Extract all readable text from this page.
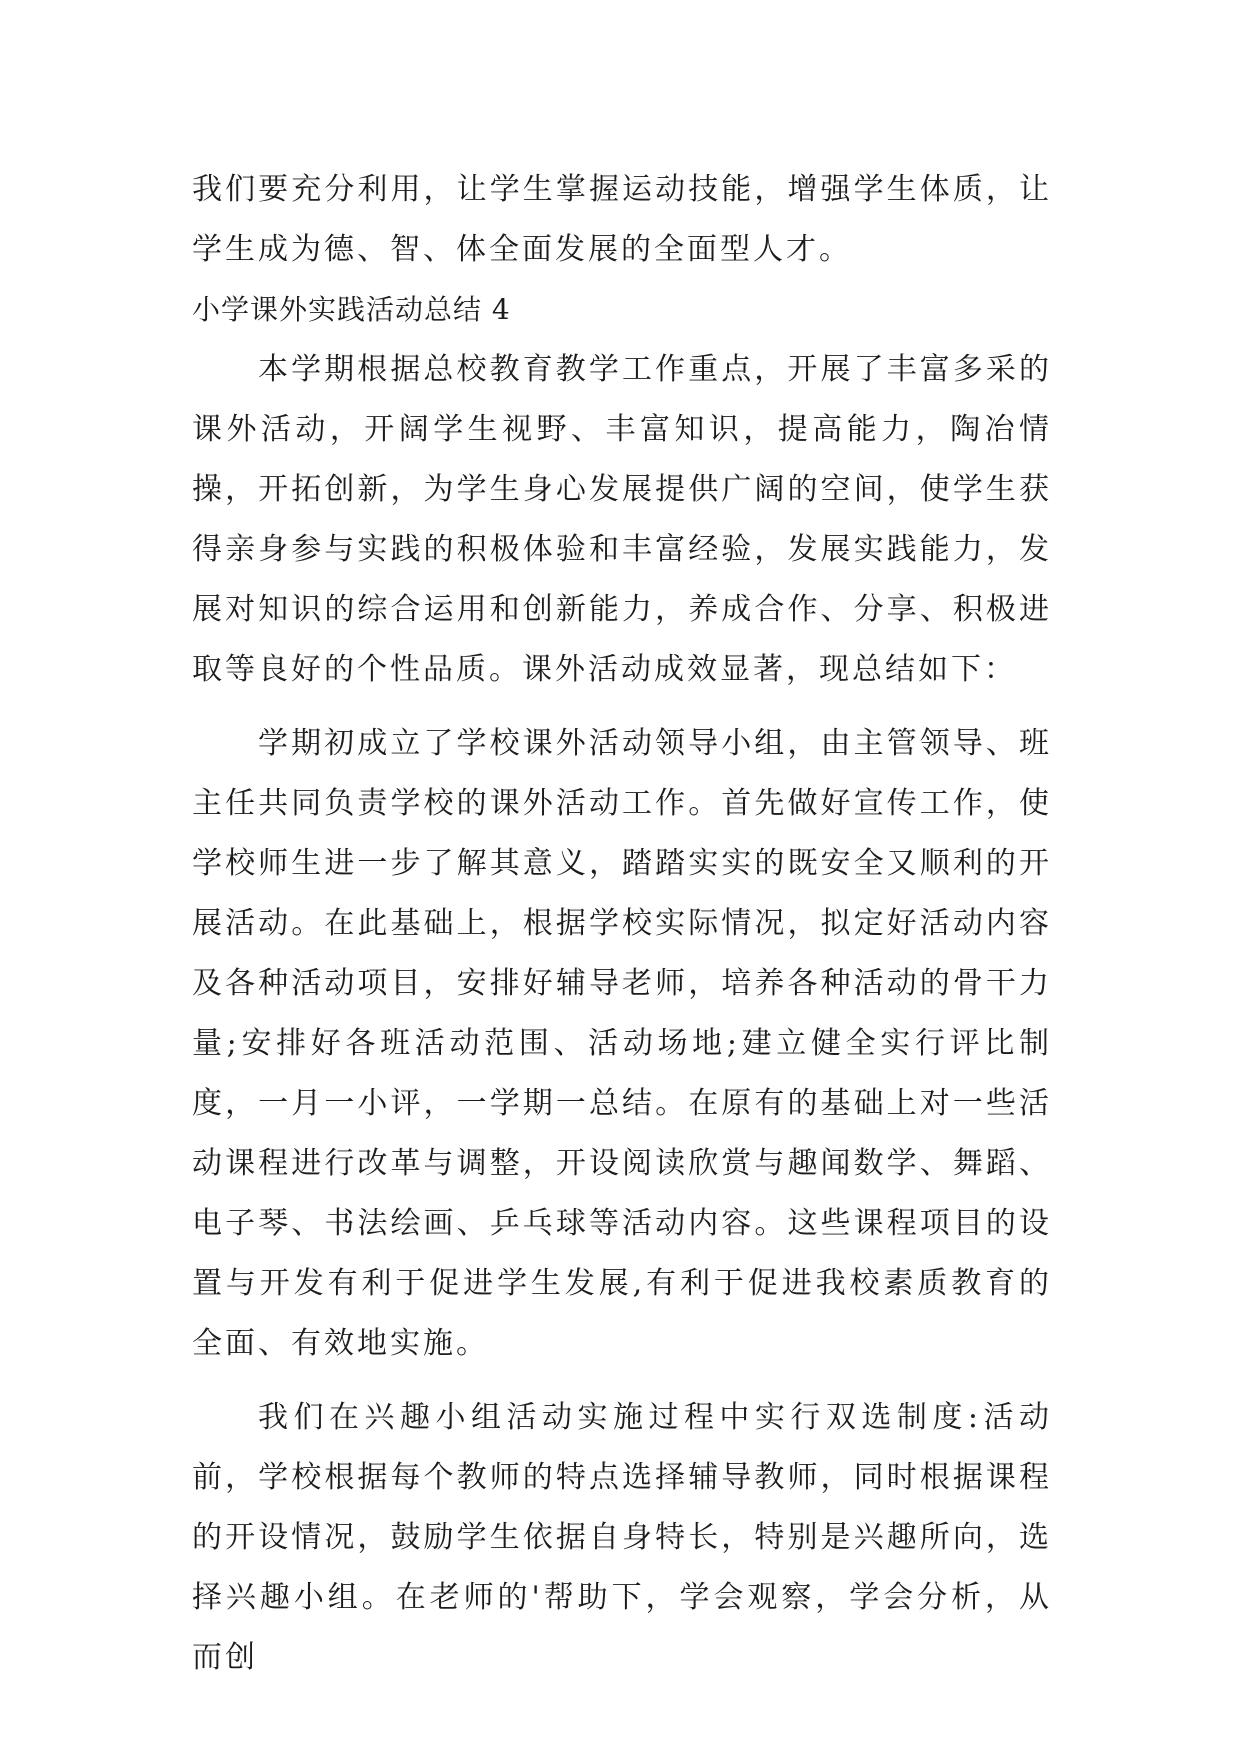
我们要充分利用，让学生掌握运动技能，增强学生体质，让学生成为德、智、体全面发展的全面型人才。

小学课外实践活动总结 4

本学期根据总校教育教学工作重点，开展了丰富多采的课外活动，开阔学生视野、丰富知识，提高能力，陶冶情操，开拓创新，为学生身心发展提供广阔的空间，使学生获得亲身参与实践的积极体验和丰富经验，发展实践能力，发展对知识的综合运用和创新能力，养成合作、分享、积极进取等良好的个性品质。课外活动成效显著，现总结如下：

学期初成立了学校课外活动领导小组，由主管领导、班主任共同负责学校的课外活动工作。首先做好宣传工作，使学校师生进一步了解其意义，踏踏实实的既安全又顺利的开展活动。在此基础上，根据学校实际情况，拟定好活动内容及各种活动项目，安排好辅导老师，培养各种活动的骨干力量;安排好各班活动范围、活动场地;建立健全实行评比制度，一月一小评，一学期一总结。在原有的基础上对一些活动课程进行改革与调整，开设阅读欣赏与趣闻数学、舞蹈、电子琴、书法绘画、乒乓球等活动内容。这些课程项目的设置与开发有利于促进学生发展,有利于促进我校素质教育的全面、有效地实施。

我们在兴趣小组活动实施过程中实行双选制度:活动前，学校根据每个教师的特点选择辅导教师，同时根据课程的开设情况，鼓励学生依据自身特长，特别是兴趣所向，选择兴趣小组。在老师的'帮助下，学会观察，学会分析，从而创
